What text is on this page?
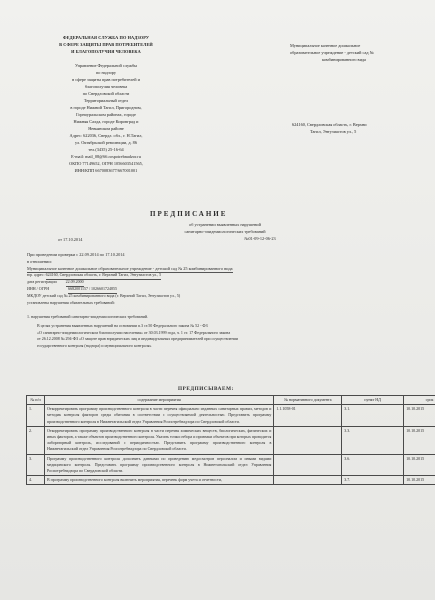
ФЕДЕРАЛЬНАЯ СЛУЖБА ПО НАДЗОРУ
В СФЕРЕ ЗАЩИТЫ ПРАВ ПОТРЕБИТЕЛЕЙ
И БЛАГОПОЛУЧИЯ ЧЕЛОВЕКА
Управление Федеральной службы
по надзору
в сфере защиты прав потребителей и
благополучия человека
по Свердловской области
Территориальный отдел
в городе Нижний Тагил, Пригородном,
Горноуральском районах, городе
Нижняя Салда, городе Кировград и
Невьянском районе
Адрес: 622036, Свердл. обл., г. Н.Тагил,
ул. Октябрьской революции, д. 86
тел.(3435) 25-16-64
E-mail: mail_08@66.rospotrebnadzor.ru
ОКПО 77149652, ОГРН 1056603541565,
ИНН/КПП 6670083677/667001001
Муниципальное казенное дошкольное
образовательное учреждение - детский сад №
комбинированного вида
624160, Свердловская область, г. Верхни
Тагил, Энтузиастов ул., 5
ПРЕДПИСАНИЕ
об устранении выявленных нарушений
санитарно-эпидемиологических требований
№01-09-12-06-23
от 17.10.2014
При проведении проверки с 22.09.2014 по 17.10.2014
в отношении:
Муниципальное казенное дошкольное образовательное учреждение - детский сад № 25 комбинированного вида
юр. адрес: 624160, Свердловская область, г. Верхний Тагил, Энтузиастов ул., 5
дата регистрации 22.09.2000
ИНН / ОГРН	6682001157 / 1026601724855
МКДОУ детский сад № 25 комбинированного вида (г. Верхний Тагил, Энтузиастов ул., 5)
установлены нарушения обязательных требований:
1. нарушения требований санитарно-эпидемиологических требований.
В целях устранения выявленных нарушений на основании п.3 ст.50 Федерального закона № 52 - ФЗ
«О санитарно-эпидемиологическом благополучии населения» от 30.03.1999 года, ч. 1 ст. 17 Федерального закона
от 26.12.2008 № 294-ФЗ «О защите прав юридических лиц и индивидуальных предпринимателей при осуществлении
государственного контроля (надзора) и муниципального контроля»
ПРЕДПИСЫВАЕМ:
№ п/п	содержание мероприятия	№ нормативного документа	пункт НД	срок
1.	Откорректировать программу производственного контроля в части перечня официально изданных санитарных правил, методов и методик контроля факторов среды обитания в соответствии с осуществляемой деятельностью. Представить программу производственного контроля в Нижнетагильский отдел Управления Роспотребнадзора по Свердловской области.	1.1.1058-01	3.1.	10.10.2015
2.	Откорректировать программу производственного контроля в части перечня химических веществ, биологических, физических и иных факторов, а также объектов производственного контроля. Указать точки отбора и признаки объектов при которых проводится лабораторный контроль, исследований с периодичностью. Представить программу производственного контроля в Нижнетагильский отдел Управления Роспотребнадзора по Свердловской области.		3.3.	10.10.2015
3.	Программу производственного контроля дополнить данными по проведению медосмотров персоналом и иными видами медицинского контроля. Представить программу производственного контроля в Нижнетагильский отдел Управления Роспотребнадзора по Свердловской области.		3.6.	10.10.2015
4.	В программу производственного контроля включить мероприятия, перечень форм учета и отчетности,		3.7.	10.10.2015
